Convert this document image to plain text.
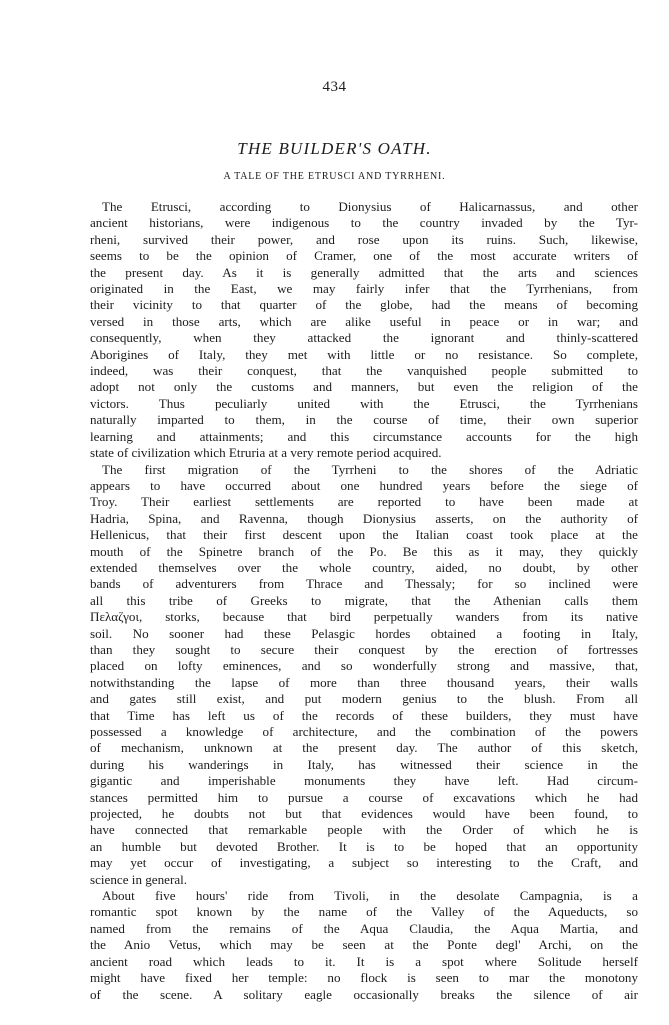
434
THE BUILDER'S OATH.
A TALE OF THE ETRUSCI AND TYRRHENI.
The Etrusci, according to Dionysius of Halicarnassus, and other
ancient historians, were indigenous to the country invaded by the Tyr-
rheni, survived their power, and rose upon its ruins. Such, likewise,
seems to be the opinion of Cramer, one of the most accurate writers of
the present day. As it is generally admitted that the arts and sciences
originated in the East, we may fairly infer that the Tyrrhenians, from
their vicinity to that quarter of the globe, had the means of becoming
versed in those arts, which are alike useful in peace or in war; and
consequently, when they attacked the ignorant and thinly-scattered
Aborigines of Italy, they met with little or no resistance. So complete,
indeed, was their conquest, that the vanquished people submitted to
adopt not only the customs and manners, but even the religion of the
victors. Thus peculiarly united with the Etrusci, the Tyrrhenians
naturally imparted to them, in the course of time, their own superior
learning and attainments; and this circumstance accounts for the high
state of civilization which Etruria at a very remote period acquired.
The first migration of the Tyrrheni to the shores of the Adriatic
appears to have occurred about one hundred years before the siege of
Troy. Their earliest settlements are reported to have been made at
Hadria, Spina, and Ravenna, though Dionysius asserts, on the authority of
Hellenicus, that their first descent upon the Italian coast took place at the
mouth of the Spinetre branch of the Po. Be this as it may, they quickly
extended themselves over the whole country, aided, no doubt, by other
bands of adventurers from Thrace and Thessaly; for so inclined were
all this tribe of Greeks to migrate, that the Athenian calls them
Πελαζγοι, storks, because that bird perpetually wanders from its native
soil. No sooner had these Pelasgic hordes obtained a footing in Italy,
than they sought to secure their conquest by the erection of fortresses
placed on lofty eminences, and so wonderfully strong and massive, that,
notwithstanding the lapse of more than three thousand years, their walls
and gates still exist, and put modern genius to the blush. From all
that Time has left us of the records of these builders, they must have
possessed a knowledge of architecture, and the combination of the powers
of mechanism, unknown at the present day. The author of this sketch,
during his wanderings in Italy, has witnessed their science in the
gigantic and imperishable monuments they have left. Had circum-
stances permitted him to pursue a course of excavations which he had
projected, he doubts not but that evidences would have been found, to
have connected that remarkable people with the Order of which he is
an humble but devoted Brother. It is to be hoped that an opportunity
may yet occur of investigating, a subject so interesting to the Craft, and
science in general.
About five hours' ride from Tivoli, in the desolate Campagnia, is a
romantic spot known by the name of the Valley of the Aqueducts, so
named from the remains of the Aqua Claudia, the Aqua Martia, and
the Anio Vetus, which may be seen at the Ponte degl' Archi, on the
ancient road which leads to it. It is a spot where Solitude herself
might have fixed her temple: no flock is seen to mar the monotony
of the scene. A solitary eagle occasionally breaks the silence of air
